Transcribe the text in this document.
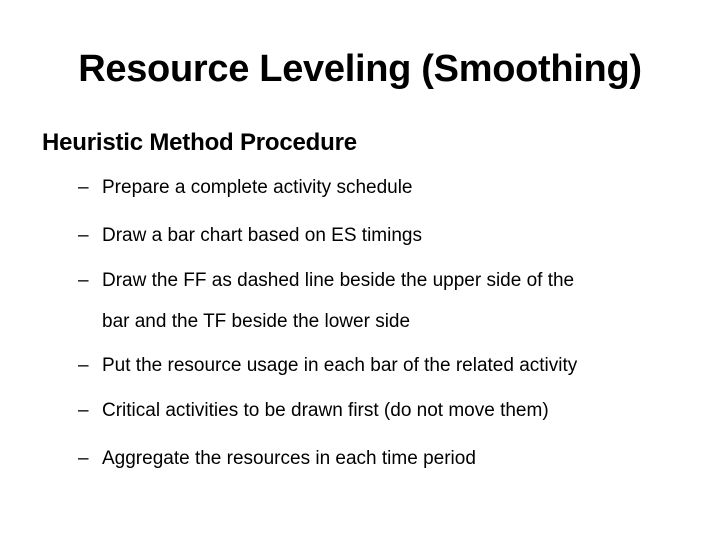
Resource Leveling (Smoothing)
Heuristic Method Procedure
– Prepare a complete activity schedule
– Draw a bar chart based on ES timings
– Draw the FF as dashed line beside the upper side of the
bar and the TF beside the lower side
– Put the resource usage in each bar of the related activity
– Critical activities to be drawn first (do not move them)
– Aggregate the resources in each time period
